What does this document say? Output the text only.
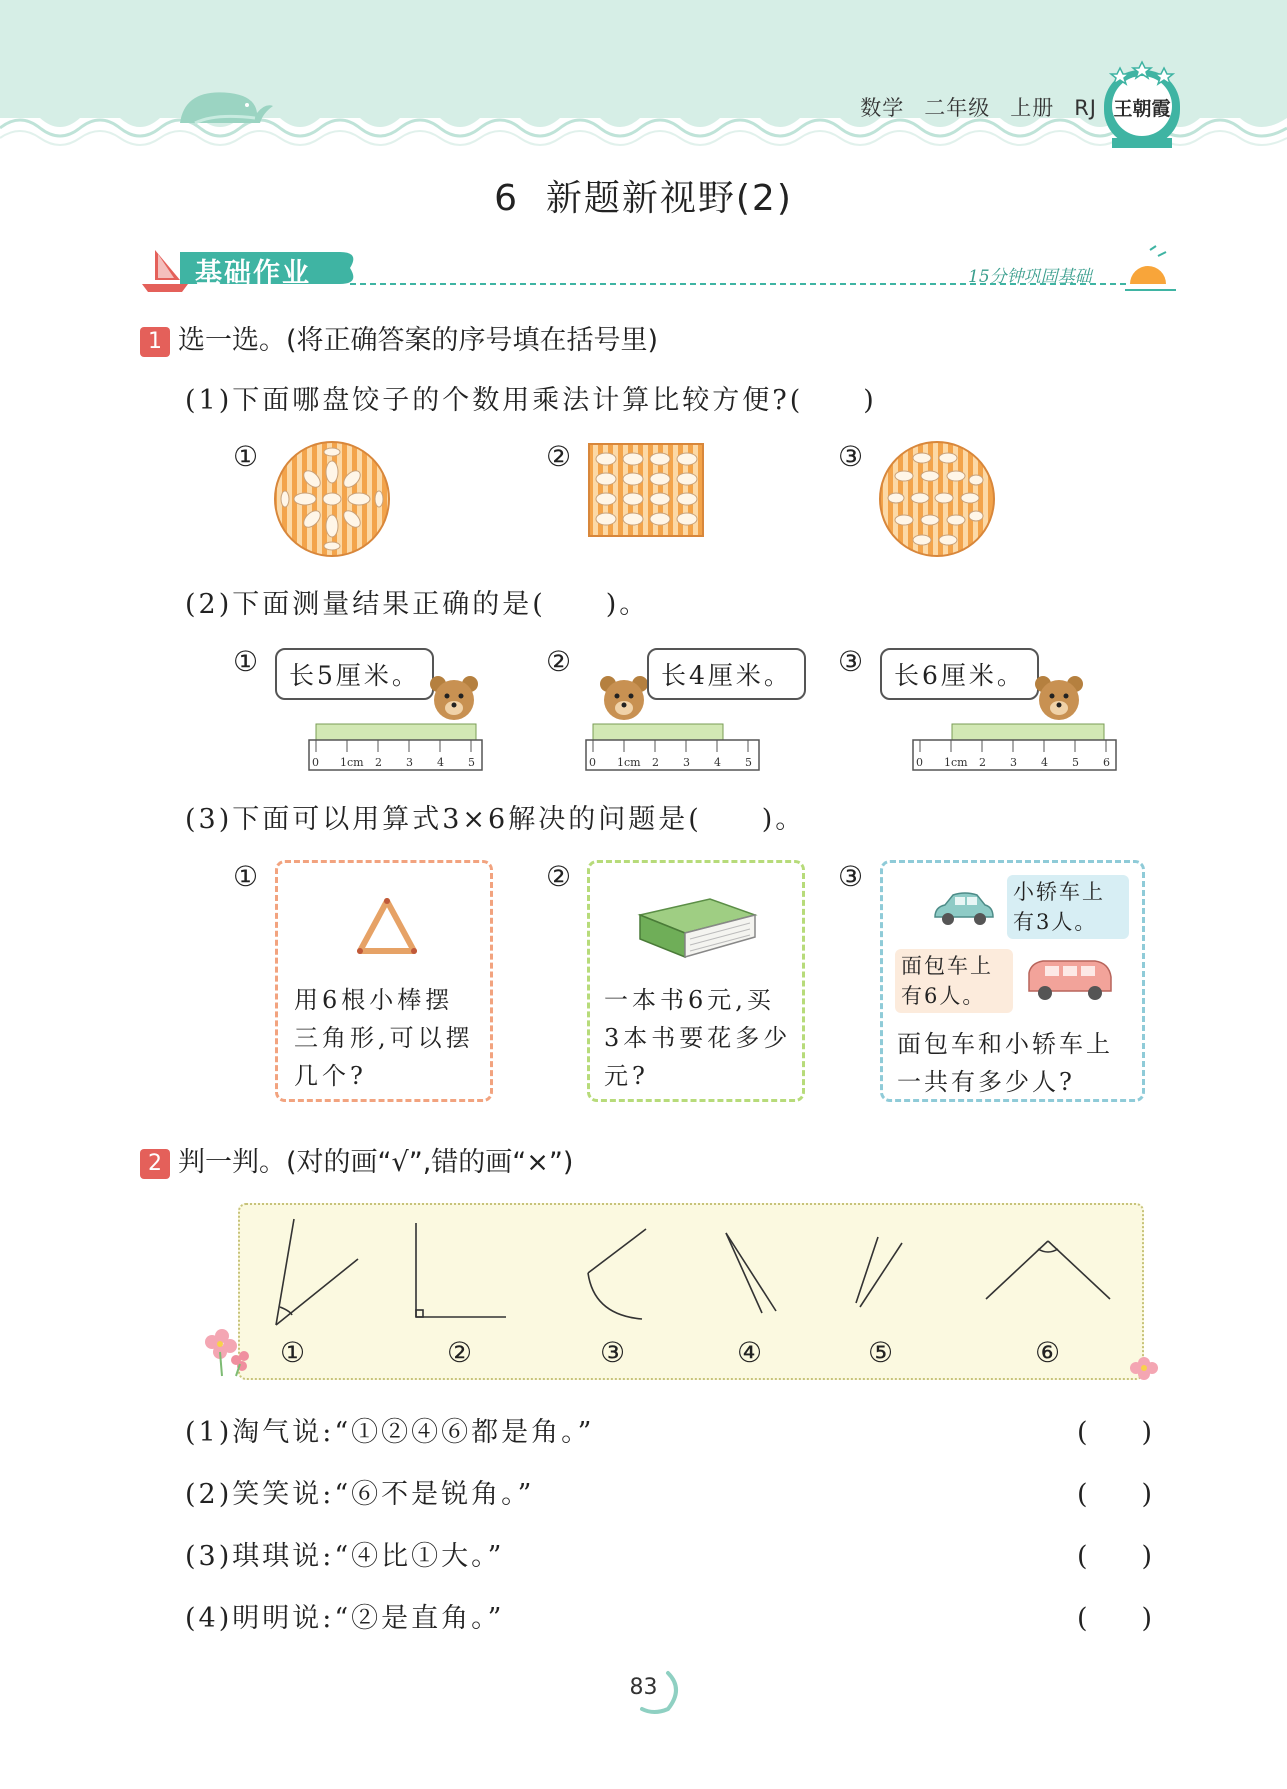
数学 二年级 上册 RJ 王朝霞
6  新题新视野(2)
基础作业	15分钟巩固基础
1 选一选。(将正确答案的序号填在括号里)
(1)下面哪盘饺子的个数用乘法计算比较方便?(　　)
①	②	③
(2)下面测量结果正确的是(　　)。
①	长5厘米。
0 1cm 2 3 4 5
②	长4厘米。
0 1cm 2 3 4 5
③	长6厘米。
0 1cm 2 3 4 5 6
(3)下面可以用算式3×6解决的问题是(　　)。
①
用6根小棒摆三角形,可以摆几个?
②
一本书6元,买3本书要花多少元?
③	小轿车上有3人。
面包车上有6人。
面包车和小轿车上一共有多少人?
2 判一判。(对的画“√”,错的画“×”)
①	②	③	④	⑤	⑥
(1)淘气说:“①②④⑥都是角。”	(　　)
(2)笑笑说:“⑥不是锐角。”	(　　)
(3)琪琪说:“④比①大。”	(　　)
(4)明明说:“②是直角。”	(　　)
83
